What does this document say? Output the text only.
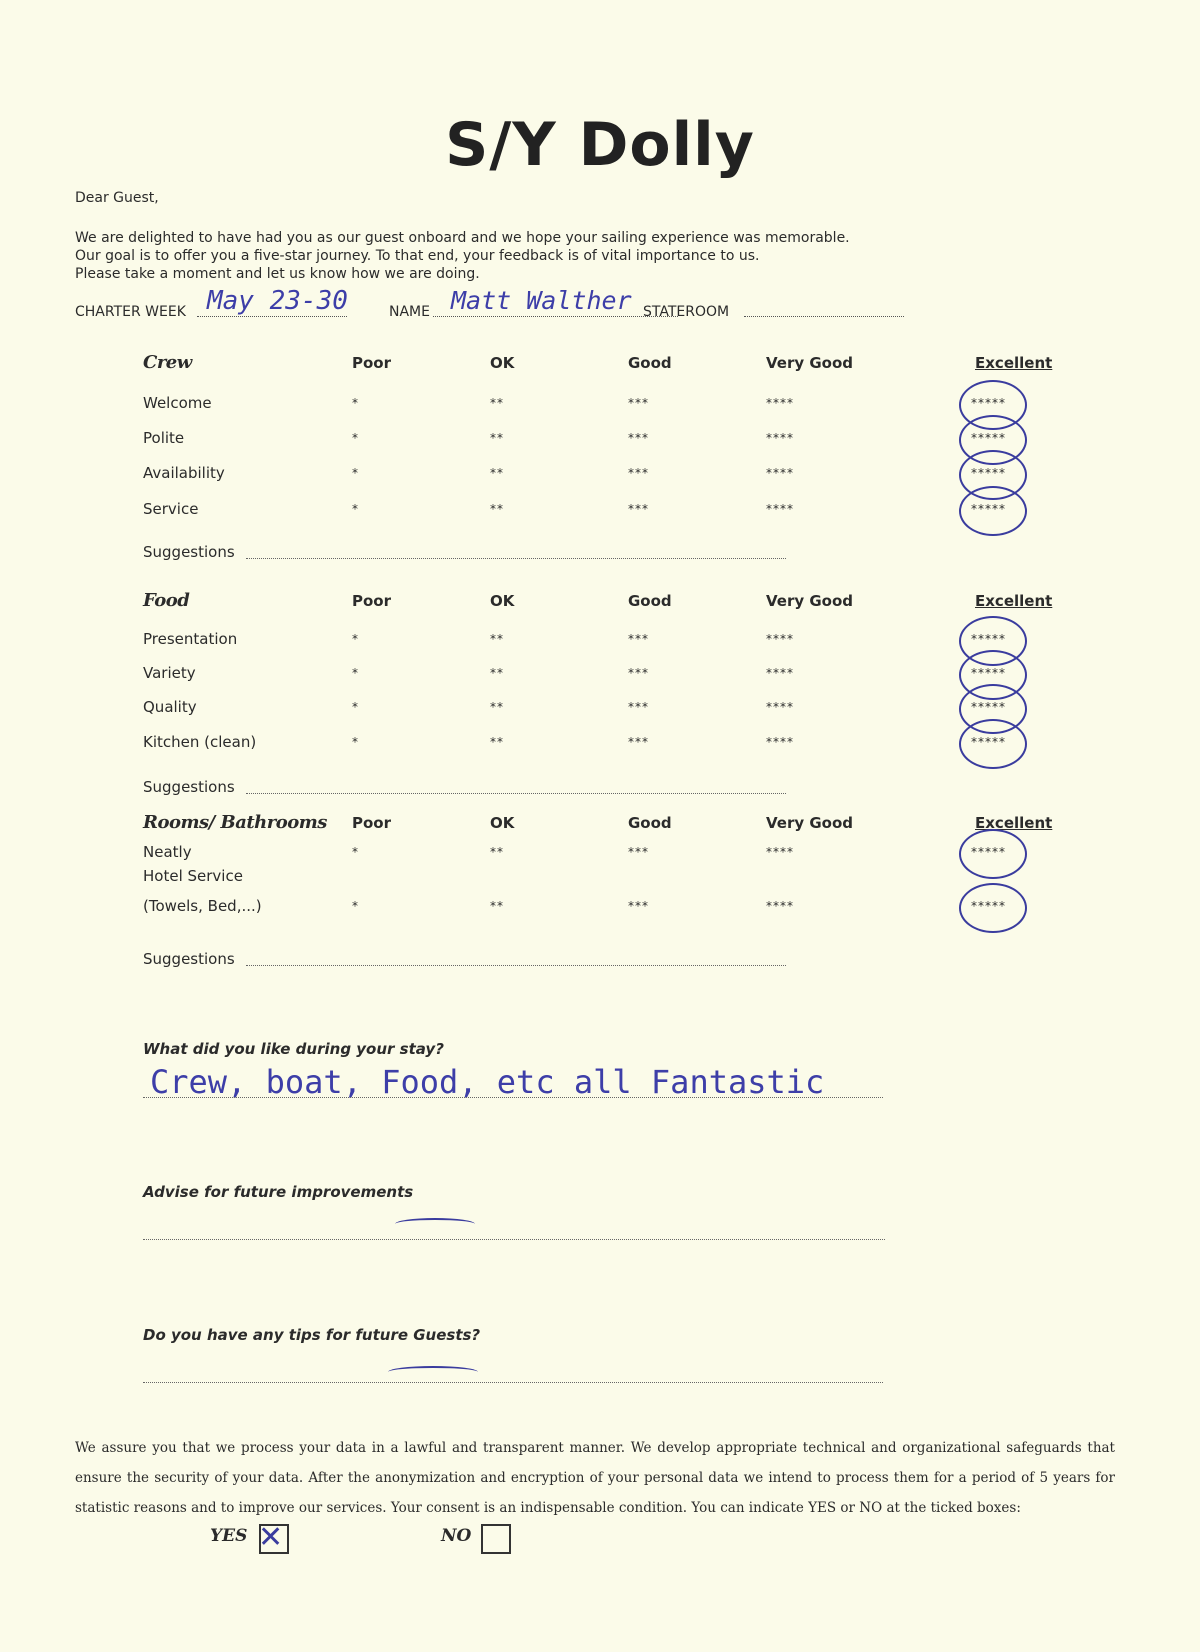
S/Y Dolly
Dear Guest,
We are delighted to have had you as our guest onboard and we hope your sailing experience was memorable.
Our goal is to offer you a five-star journey. To that end, your feedback is of vital importance to us.
Please take a moment and let us know how we are doing.
CHARTER WEEK May 23-30	NAME Matt Walther STATEROOM
Crew	Poor	OK	Good	Very Good	Excellent
Welcome	*	**	***	****	*****
Polite	*	**	***	****	*****
Availability	*	**	***	****	*****
Service	*	**	***	****	*****
Suggestions
Food	Poor	OK	Good	Very Good	Excellent
Presentation	*	**	***	****	*****
Variety	*	**	***	****	*****
Quality	*	**	***	****	*****
Kitchen (clean)	*	**	***	****	*****
Suggestions
Rooms/ Bathrooms Poor	OK	Good	Very Good	Excellent
Neatly	*	**	***	****	*****
Hotel Service
(Towels, Bed,...)	*	**	***	****	*****
Suggestions
What did you like during your stay?
Crew, boat, Food, etc all Fantastic
Advise for future improvements
Do you have any tips for future Guests?
We assure you that we process your data in a lawful and transparent manner. We develop appropriate technical and organizational safeguards that ensure the security of your data. After the anonymization and encryption of your personal data we intend to process them for a period of 5 years for statistic reasons and to improve our services. Your consent is an indispensable condition. You can indicate YES or NO at the ticked boxes:
YES ✕	NO
